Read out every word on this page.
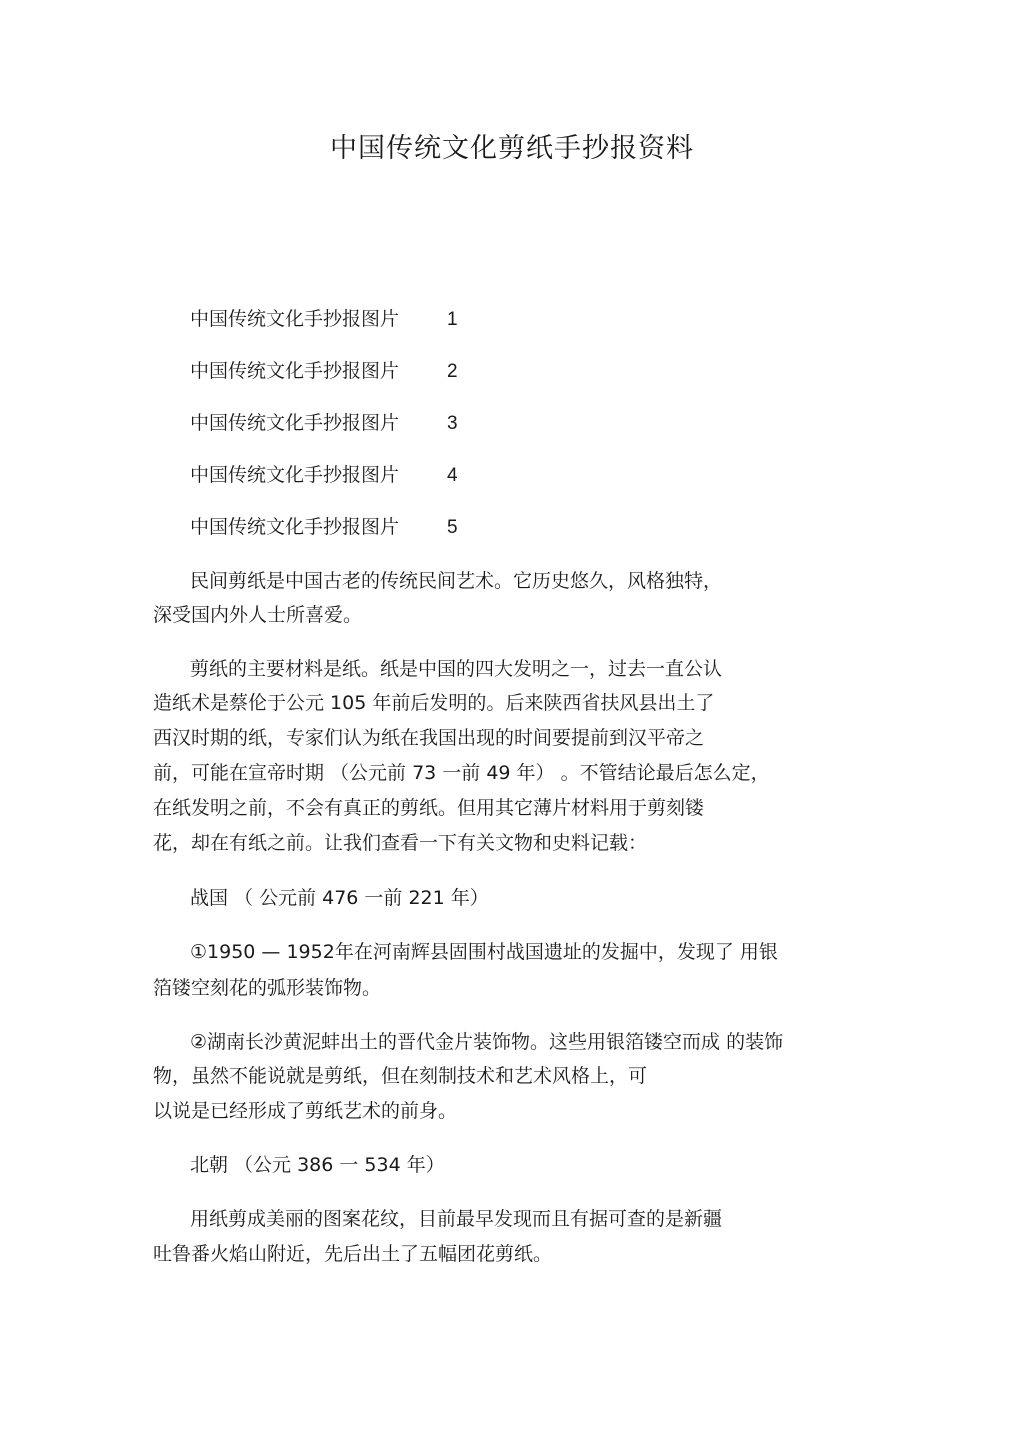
中国传统文化剪纸手抄报资料
中国传统文化手抄报图片	1
中国传统文化手抄报图片	2
中国传统文化手抄报图片	3
中国传统文化手抄报图片	4
中国传统文化手抄报图片	5
民间剪纸是中国古老的传统民间艺术。它历史悠久，风格独特，
深受国内外人士所喜爱。
剪纸的主要材料是纸。纸是中国的四大发明之一，过去一直公认
造纸术是蔡伦于公元 105 年前后发明的。后来陕西省扶风县出土了
西汉时期的纸，专家们认为纸在我国出现的时间要提前到汉平帝之
前，可能在宣帝时期 （公元前 73 一前 49 年） 。不管结论最后怎么定，
在纸发明之前，不会有真正的剪纸。但用其它薄片材料用于剪刻镂
花，却在有纸之前。让我们查看一下有关文物和史料记载：
战国 （ 公元前 476 一前 221 年）
①1950 — 1952年在河南辉县固围村战国遗址的发掘中，发现了 用银
箔镂空刻花的弧形装饰物。
②湖南长沙黄泥蚌出土的晋代金片装饰物。这些用银箔镂空而成 的装饰
物，虽然不能说就是剪纸，但在刻制技术和艺术风格上，可
以说是已经形成了剪纸艺术的前身。
北朝 （公元 386 一 534 年）
用纸剪成美丽的图案花纹，目前最早发现而且有据可查的是新疆
吐鲁番火焰山附近，先后出土了五幅团花剪纸。
